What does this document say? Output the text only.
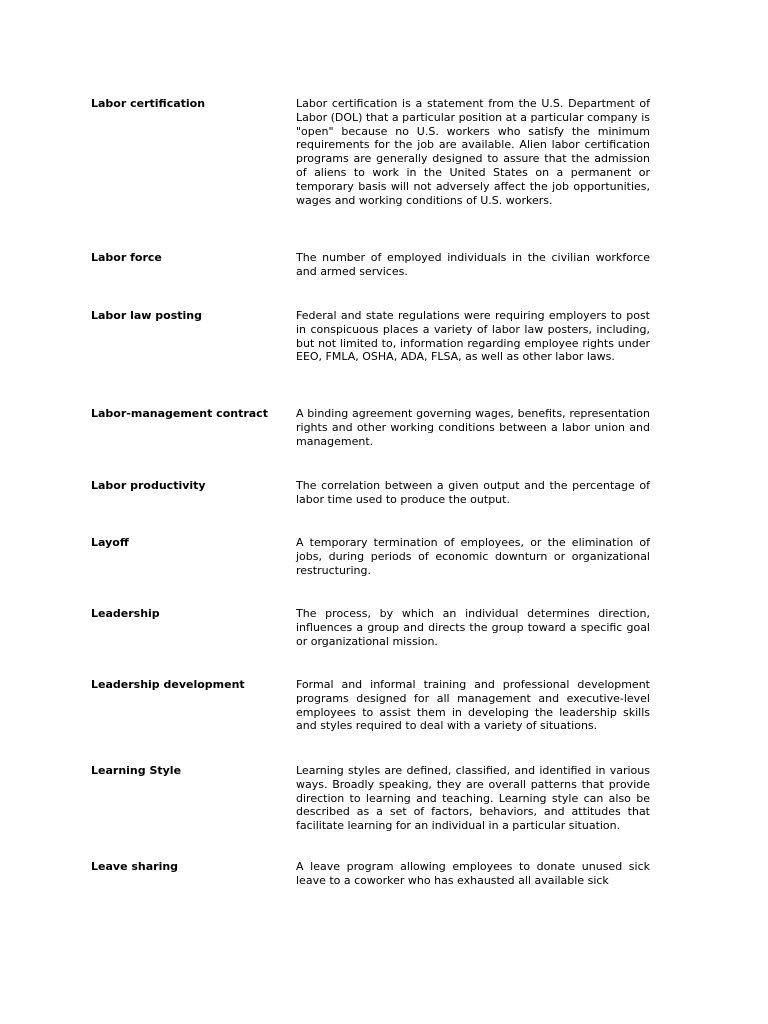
Labor certification	Labor certification is a statement from the U.S. Department of Labor (DOL) that a particular position at a particular company is "open" because no U.S. workers who satisfy the minimum requirements for the job are available. Alien labor certification programs are generally designed to assure that the admission of aliens to work in the United States on a permanent or temporary basis will not adversely affect the job opportunities, wages and working conditions of U.S. workers.
Labor force	The number of employed individuals in the civilian workforce and armed services.
Labor law posting	Federal and state regulations were requiring employers to post in conspicuous places a variety of labor law posters, including, but not limited to, information regarding employee rights under EEO, FMLA, OSHA, ADA, FLSA, as well as other labor laws.
Labor-management contract	A binding agreement governing wages, benefits, representation rights and other working conditions between a labor union and management.
Labor productivity	The correlation between a given output and the percentage of labor time used to produce the output.
Layoff	A temporary termination of employees, or the elimination of jobs, during periods of economic downturn or organizational restructuring.
Leadership	The process, by which an individual determines direction, influences a group and directs the group toward a specific goal or organizational mission.
Leadership development	Formal and informal training and professional development programs designed for all management and executive-level employees to assist them in developing the leadership skills and styles required to deal with a variety of situations.
Learning Style	Learning styles are defined, classified, and identified in various ways. Broadly speaking, they are overall patterns that provide direction to learning and teaching. Learning style can also be described as a set of factors, behaviors, and attitudes that facilitate learning for an individual in a particular situation.
Leave sharing	A leave program allowing employees to donate unused sick leave to a coworker who has exhausted all available sick
